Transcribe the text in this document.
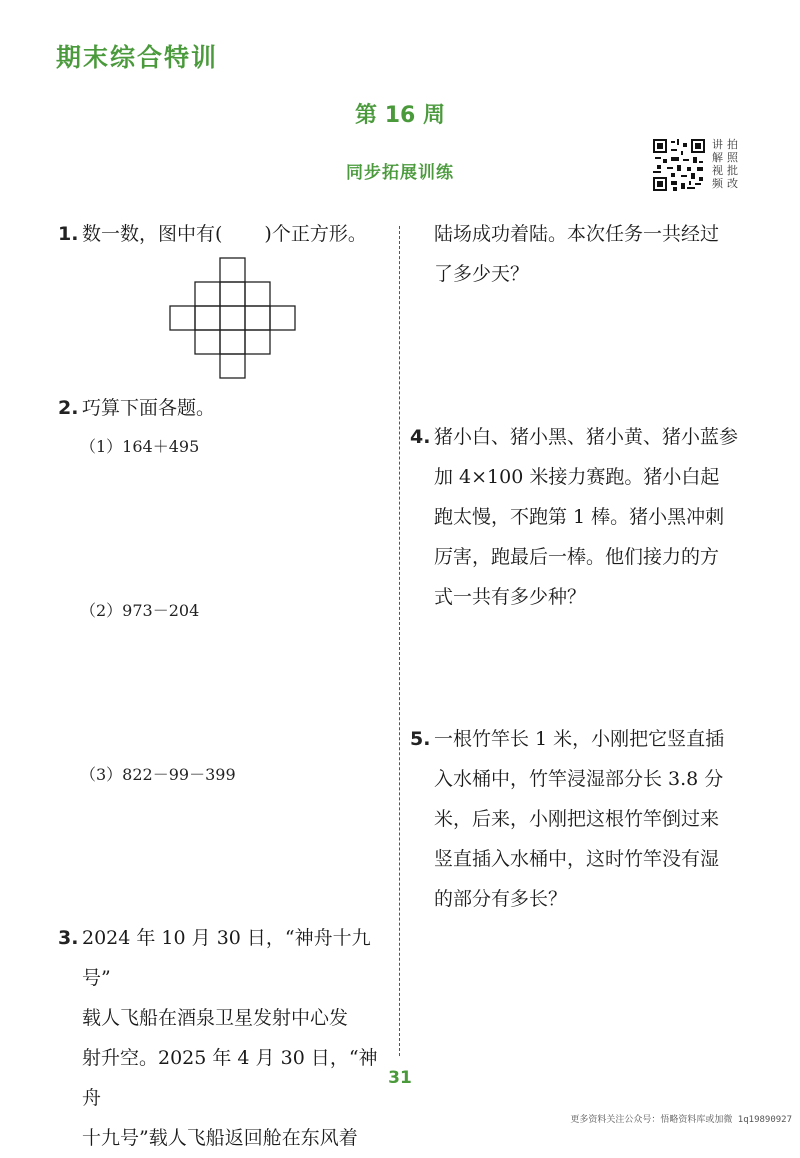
期末综合特训
第 16 周
同步拓展训练
讲解视频
拍照批改
1. 数一数，图中有( )个正方形。
2. 巧算下面各题。
（1）164＋495
（2）973－204
（3）822－99－399
3. 2024 年 10 月 30 日，“神舟十九号”
载人飞船在酒泉卫星发射中心发
射升空。2025 年 4 月 30 日，“神舟
十九号”载人飞船返回舱在东风着
陆场成功着陆。本次任务一共经过
了多少天？
4. 猪小白、猪小黑、猪小黄、猪小蓝参
加 4×100 米接力赛跑。猪小白起
跑太慢，不跑第 1 棒。猪小黑冲刺
厉害，跑最后一棒。他们接力的方
式一共有多少种？
5. 一根竹竿长 1 米，小刚把它竖直插
入水桶中，竹竿浸湿部分长 3.8 分
米，后来，小刚把这根竹竿倒过来
竖直插入水桶中，这时竹竿没有湿
的部分有多长？
31
更多资料关注公众号：悟略资料库或加微 1q19890927
